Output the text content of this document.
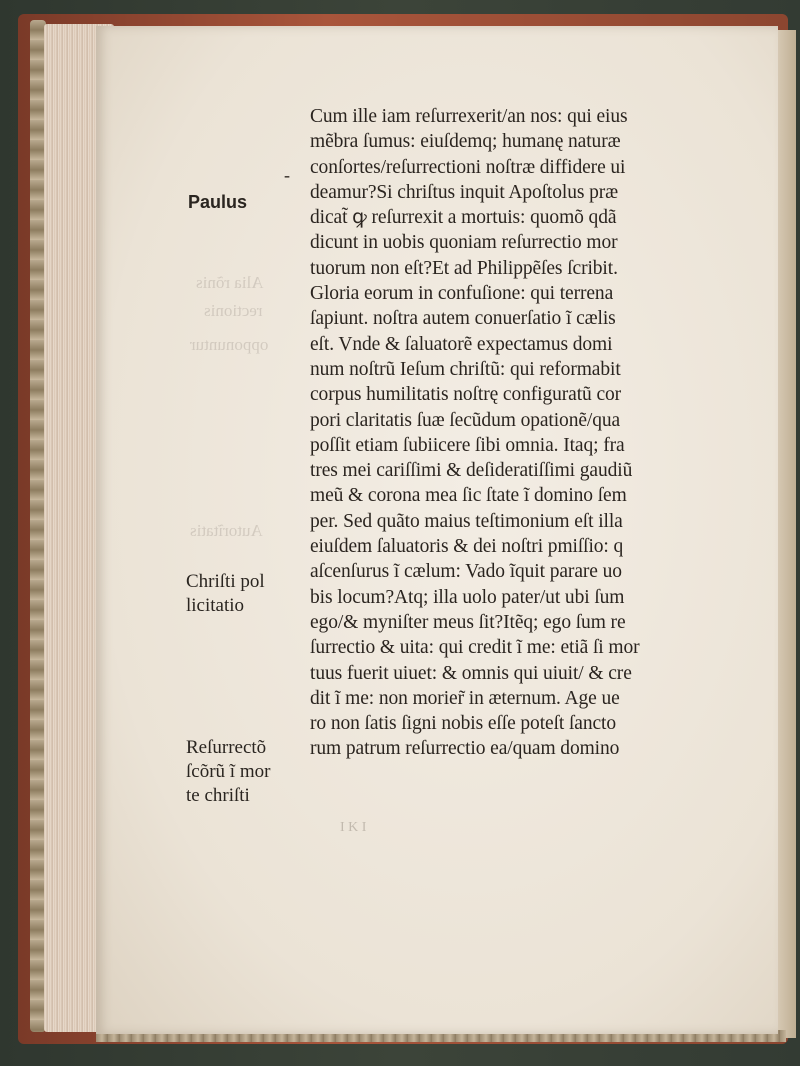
Alia rõnis
rectionis
opponuntur
Autorĩtatis
Paulus
Chriſti pol
licitatio
Reſurrectõ
ſcõrũ ĩ mor
te chriſti
-
Cum ille iam reſurrexerit/an nos: qui eius
mẽbra ſumus: eiuſdemq; humanę naturæ
conſortes/reſurrectioni noſtræ diffidere ui
deamur?Si chriſtus inquit Apoſtolus præ
dicat̃ ꝙ reſurrexit a mortuis: quomõ qdã
dicunt in uobis quoniam reſurrectio mor
tuorum non eſt?Et ad Philippẽſes ſcribit.
Gloria eorum in confuſione: qui terrena
ſapiunt. noſtra autem conuerſatio ĩ cælis
eſt. Vnde & ſaluatorẽ expectamus domi
num noſtrũ Ieſum chriſtũ: qui reformabit
corpus humilitatis noſtrę configuratũ cor
pori claritatis ſuæ ſecũdum opationẽ/qua
poſſit etiam ſubiicere ſibi omnia. Itaq; fra
tres mei cariſſimi & deſideratiſſimi gaudiũ
meũ & corona mea ſic ſtate ĩ domino ſem
per. Sed quãto maius teſtimonium eſt illa
eiuſdem ſaluatoris & dei noſtri pmiſſio: q
aſcenſurus ĩ cælum: Vado ĩquit parare uo
bis locum?Atq; illa uolo pater/ut ubi ſum
ego/& myniſter meus ſit?Itẽq; ego ſum re
ſurrectio & uita: qui credit ĩ me: etiã ſi mor
tuus fuerit uiuet: & omnis qui uiuit/ & cre
dit ĩ me: non morier̃ in æternum. Age ue
ro non ſatis ſigni nobis eſſe poteſt ſancto
rum patrum reſurrectio ea/quam domino
I K I
